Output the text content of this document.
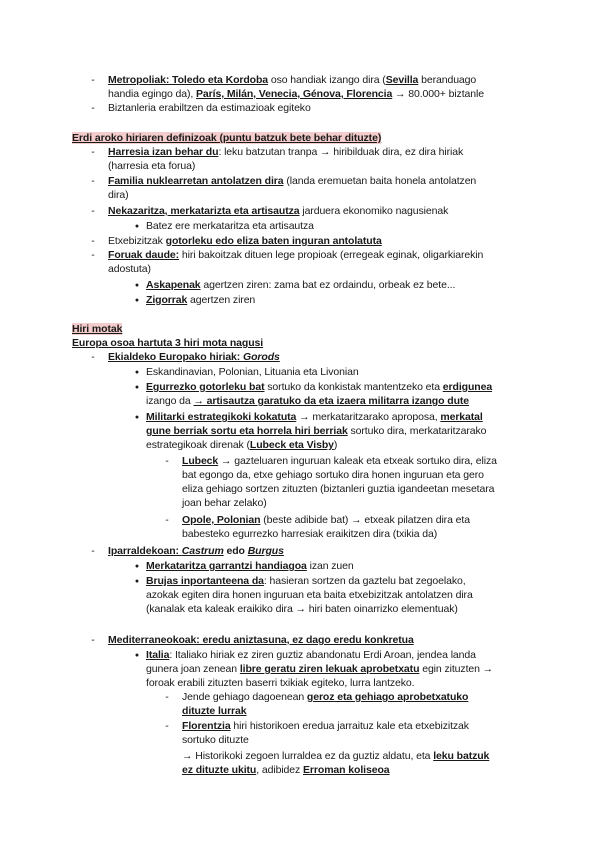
-	Metropoliak: Toledo eta Kordoba oso handiak izango dira (Sevilla beranduago
handia egingo da), París, Milán, Venecia, Génova, Florencia → 80.000+ biztanle
-	Biztanleria erabiltzen da estimazioak egiteko
Erdi aroko hiriaren definizoak (puntu batzuk bete behar dituzte)
-	Harresia izan behar du: leku batzutan tranpa → hiribilduak dira, ez dira hiriak
(harresia eta forua)
-	Familia nuklearretan antolatzen dira (landa eremuetan baita honela antolatzen
dira)
-	Nekazaritza, merkatarizta eta artisautza jarduera ekonomiko nagusienak
● Batez ere merkataritza eta artisautza
-	Etxebizitzak gotorleku edo eliza baten inguran antolatuta
-	Foruak daude: hiri bakoitzak dituen lege propioak (erregeak eginak, oligarkiarekin
adostuta)
● Askapenak agertzen ziren: zama bat ez ordaindu, orbeak ez bete...
● Zigorrak agertzen ziren
Hiri motak
Europa osoa hartuta 3 hiri mota nagusi
-	Ekialdeko Europako hiriak: Gorods
● Eskandinavian, Polonian, Lituania eta Livonian
● Egurrezko gotorleku bat sortuko da konkistak mantentzeko eta erdigunea
izango da → artisautza garatuko da eta izaera militarra izango dute
● Militarki estrategikoki kokatuta → merkataritzarako aproposa, merkatal
gune berriak sortu eta horrela hiri berriak sortuko dira, merkataritzarako
estrategikoak direnak (Lubeck eta Visby)
-	Lubeck → gazteluaren inguruan kaleak eta etxeak sortuko dira, eliza
bat egongo da, etxe gehiago sortuko dira honen inguruan eta gero
eliza gehiago sortzen zituzten (biztanleri guztia igandeetan mesetara
joan behar zelako)
-	Opole, Polonian (beste adibide bat) → etxeak pilatzen dira eta
babesteko egurrezko harresiak eraikitzen dira (txikia da)
-	Iparraldekoan: Castrum edo Burgus
● Merkataritza garrantzi handiagoa izan zuen
● Brujas inportanteena da: hasieran sortzen da gaztelu bat zegoelako,
azokak egiten dira honen inguruan eta baita etxebizitzak antolatzen dira
(kanalak eta kaleak eraikiko dira → hiri baten oinarrizko elementuak)
-	Mediterraneokoak: eredu aniztasuna, ez dago eredu konkretua
● Italia: Italiako hiriak ez ziren guztiz abandonatu Erdi Aroan, jendea landa
gunera joan zenean libre geratu ziren lekuak aprobetxatu egin zituzten →
foroak erabili zituzten baserri txikiak egiteko, lurra lantzeko.
-	Jende gehiago dagoenean geroz eta gehiago aprobetxatuko
dituzte lurrak
-	Florentzia hiri historikoen eredua jarraituz kale eta etxebizitzak
sortuko dituzte
→ Historikoki zegoen lurraldea ez da guztiz aldatu, eta leku batzuk
ez dituzte ukitu, adibidez Erroman koliseoa
